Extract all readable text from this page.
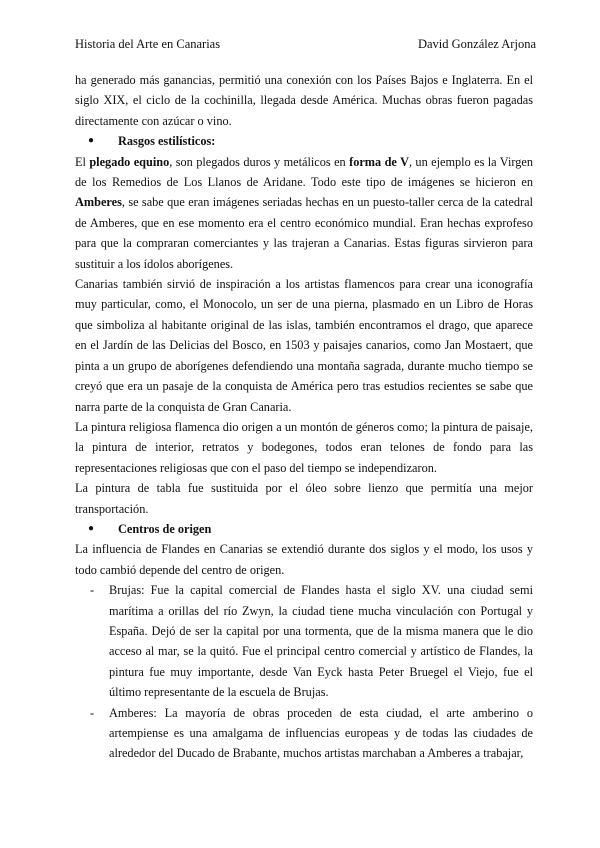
Historia del Arte en Canarias	David González Arjona

ha generado más ganancias, permitió una conexión con los Países Bajos e Inglaterra. En el siglo XIX, el ciclo de la cochinilla, llegada desde América. Muchas obras fueron pagadas directamente con azúcar o vino.

●	Rasgos estilísticos:

El plegado equino, son plegados duros y metálicos en forma de V, un ejemplo es la Virgen de los Remedios de Los Llanos de Aridane. Todo este tipo de imágenes se hicieron en Amberes, se sabe que eran imágenes seriadas hechas en un puesto-taller cerca de la catedral de Amberes, que en ese momento era el centro económico mundial. Eran hechas exprofeso para que la compraran comerciantes y las trajeran a Canarias. Estas figuras sirvieron para sustituir a los ídolos aborígenes.

Canarias también sirvió de inspiración a los artistas flamencos para crear una iconografía muy particular, como, el Monocolo, un ser de una pierna, plasmado en un Libro de Horas que simboliza al habitante original de las islas, también encontramos el drago, que aparece en el Jardín de las Delicias del Bosco, en 1503 y paisajes canarios, como Jan Mostaert, que pinta a un grupo de aborígenes defendiendo una montaña sagrada, durante mucho tiempo se creyó que era un pasaje de la conquista de América pero tras estudios recientes se sabe que narra parte de la conquista de Gran Canaria.

La pintura religiosa flamenca dio origen a un montón de géneros como; la pintura de paisaje, la pintura de interior, retratos y bodegones, todos eran telones de fondo para las representaciones religiosas que con el paso del tiempo se independizaron.

La pintura de tabla fue sustituida por el óleo sobre lienzo que permitía una mejor transportación.

●	Centros de origen

La influencia de Flandes en Canarias se extendió durante dos siglos y el modo, los usos y todo cambió depende del centro de origen.

-	Brujas: Fue la capital comercial de Flandes hasta el siglo XV. una ciudad semi marítima a orillas del río Zwyn, la ciudad tiene mucha vinculación con Portugal y España. Dejó de ser la capital por una tormenta, que de la misma manera que le dio acceso al mar, se la quitó. Fue el principal centro comercial y artístico de Flandes, la pintura fue muy importante, desde Van Eyck hasta Peter Bruegel el Viejo, fue el último representante de la escuela de Brujas.
-	Amberes: La mayoría de obras proceden de esta ciudad, el arte amberino o artempiense es una amalgama de influencias europeas y de todas las ciudades de alrededor del Ducado de Brabante, muchos artistas marchaban a Amberes a trabajar,
